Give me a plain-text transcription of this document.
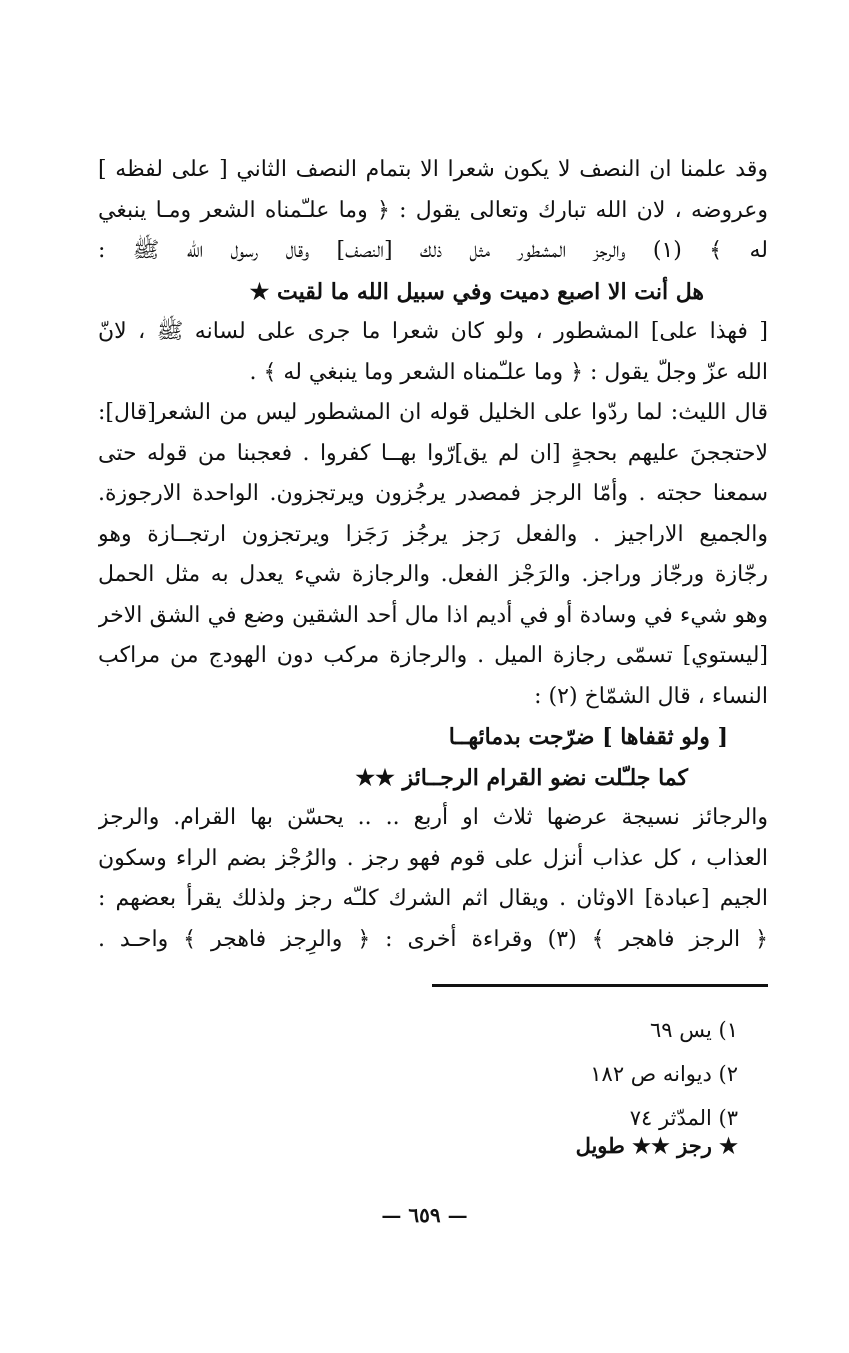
وقد علمنا ان النصف لا يكون شعرا الا بتمام النصف الثاني [ على لفظه ]
وعروضه ، لان الله تبارك وتعالى يقول : ﴿ وما علـّمناه الشعر ومـا ينبغي
له ﴾ (١) والرجز المشطور مثل ذلك [النصف] وقال رسول الله ﷺ :
هل أنت الا اصبع دميت وفي سبيل الله ما لقيت ★
[ فهذا على] المشطور ، ولو كان شعرا ما جرى على لسانه ﷺ ، لانّ
الله عزّ وجلّ يقول : ﴿ وما علـّمناه الشعر وما ينبغي له ﴾ .
قال الليث: لما ردّوا على الخليل قوله ان المشطور ليس من الشعر[قال]:
لاحتججنَ عليهم بحجةٍ [ان لم يق]رّوا بهــا كفروا . فعجبنا من قوله حتى
سمعنا حجته . وأمّا الرجز فمصدر يرجُزون ويرتجزون. الواحدة الارجوزة.
والجميع الاراجيز . والفعل رَجز يرجُز رَجَزا ويرتجزون ارتجــازة وهو
رجّازة ورجّاز وراجز. والرَجْز الفعل. والرجازة شيء يعدل به مثل الحمل
وهو شيء في وسادة أو في أديم اذا مال أحد الشقين وضع في الشق الاخر
[ليستوي] تسمّى رجازة الميل . والرجازة مركب دون الهودج من مراكب
النساء ، قال الشمّاخ (٢) :
[ ولو ثقفاها ] ضرّجت بدمائهــا
كما جلـّلت نضو القرام الرجــائز ★★
والرجائز نسيجة عرضها ثلاث او أربع .. .. يحسّن بها القرام. والرجز
العذاب ، كل عذاب أنزل على قوم فهو رجز . والرُجْز بضم الراء وسكون
الجيم [عبادة] الاوثان . ويقال اثم الشرك كلـّه رجز ولذلك يقرأ بعضهم :
﴿ الرجز فاهجر ﴾ (٣) وقراءة أخرى : ﴿ والرِجز فاهجر ﴾ واحـد .
١) يس ٦٩
٢) ديوانه ص ١٨٢
٣) المدّثر ٧٤
★ رجز ★★ طويل
— ٦٥٩ —
